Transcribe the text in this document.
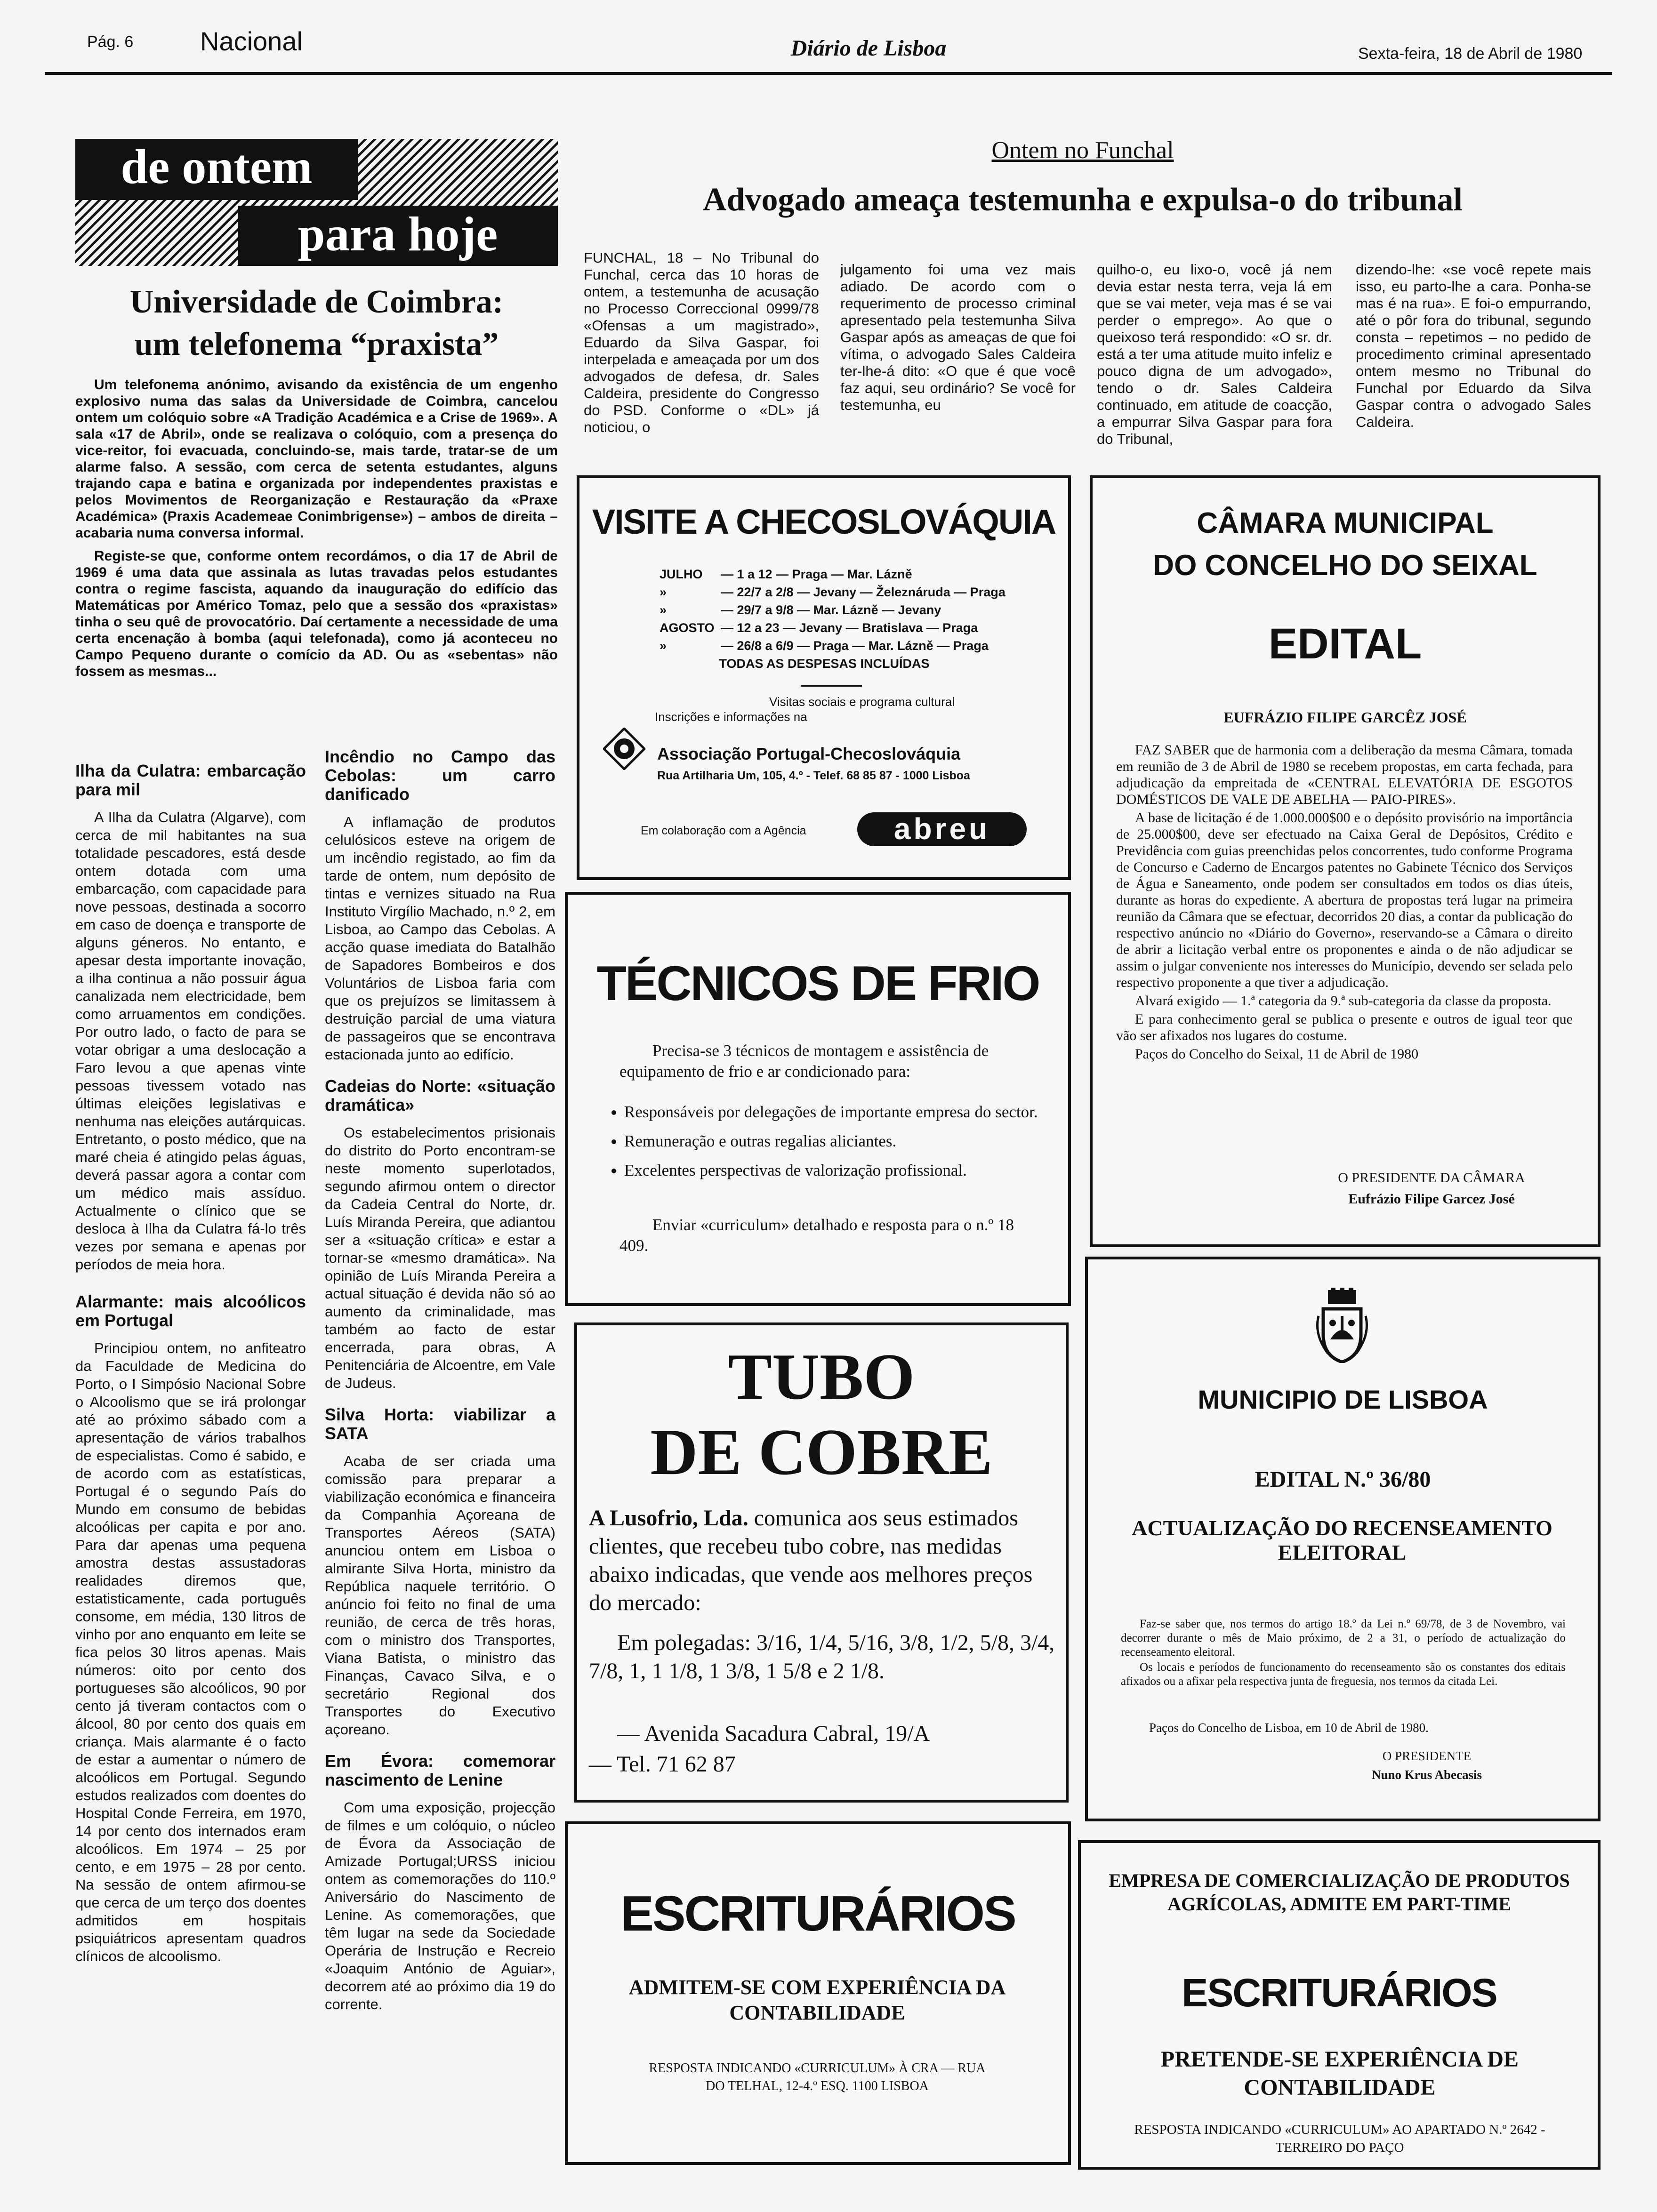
Pág. 6	Nacional	Diário de Lisboa	Sexta-feira, 18 de Abril de 1980
de ontem
para hoje
Universidade de Coimbra:
um telefonema “praxista”

Um telefonema anónimo, avisando da existência de um engenho explosivo numa das salas da Universidade de Coimbra, cancelou ontem um colóquio sobre «A Tradição Académica e a Crise de 1969». A sala «17 de Abril», onde se realizava o colóquio, com a presença do vice-reitor, foi evacuada, concluindo-se, mais tarde, tratar-se de um alarme falso. A sessão, com cerca de setenta estudantes, alguns trajando capa e batina e organizada por independentes praxistas e pelos Movimentos de Reorganização e Restauração da «Praxe Académica» (Praxis Academeae Conimbrigense») – ambos de direita – acabaria numa conversa informal.

Registe-se que, conforme ontem recordámos, o dia 17 de Abril de 1969 é uma data que assinala as lutas travadas pelos estudantes contra o regime fascista, aquando da inauguração do edifício das Matemáticas por Américo Tomaz, pelo que a sessão dos «praxistas» tinha o seu quê de provocatório. Daí certamente a necessidade de uma certa encenação à bomba (aqui telefonada), como já aconteceu no Campo Pequeno durante o comício da AD. Ou as «sebentas» não fossem as mesmas...

Ilha da Culatra: embarcação para mil

A Ilha da Culatra (Algarve), com cerca de mil habitantes na sua totalidade pescadores, está desde ontem dotada com uma embarcação, com capacidade para nove pessoas, destinada a socorro em caso de doença e transporte de alguns géneros. No entanto, e apesar desta importante inovação, a ilha continua a não possuir água canalizada nem electricidade, bem como arruamentos em condições. Por outro lado, o facto de para se votar obrigar a uma deslocação a Faro levou a que apenas vinte pessoas tivessem votado nas últimas eleições legislativas e nenhuma nas eleições autárquicas. Entretanto, o posto médico, que na maré cheia é atingido pelas águas, deverá passar agora a contar com um médico mais assíduo. Actualmente o clínico que se desloca à Ilha da Culatra fá-lo três vezes por semana e apenas por períodos de meia hora.

Alarmante: mais alcoólicos em Portugal

Principiou ontem, no anfiteatro da Faculdade de Medicina do Porto, o I Simpósio Nacional Sobre o Alcoolismo que se irá prolongar até ao próximo sábado com a apresentação de vários trabalhos de especialistas. Como é sabido, e de acordo com as estatísticas, Portugal é o segundo País do Mundo em consumo de bebidas alcoólicas per capita e por ano. Para dar apenas uma pequena amostra destas assustadoras realidades diremos que, estatisticamente, cada português consome, em média, 130 litros de vinho por ano enquanto em leite se fica pelos 30 litros apenas. Mais números: oito por cento dos portugueses são alcoólicos, 90 por cento já tiveram contactos com o álcool, 80 por cento dos quais em criança. Mais alarmante é o facto de estar a aumentar o número de alcoólicos em Portugal. Segundo estudos realizados com doentes do Hospital Conde Ferreira, em 1970, 14 por cento dos internados eram alcoólicos. Em 1974 – 25 por cento, e em 1975 – 28 por cento. Na sessão de ontem afirmou-se que cerca de um terço dos doentes admitidos em hospitais psiquiátricos apresentam quadros clínicos de alcoolismo.

Incêndio no Campo das Cebolas: um carro danificado

A inflamação de produtos celulósicos esteve na origem de um incêndio registado, ao fim da tarde de ontem, num depósito de tintas e vernizes situado na Rua Instituto Virgílio Machado, n.º 2, em Lisboa, ao Campo das Cebolas. A acção quase imediata do Batalhão de Sapadores Bombeiros e dos Voluntários de Lisboa faria com que os prejuízos se limitassem à destruição parcial de uma viatura de passageiros que se encontrava estacionada junto ao edifício.

Cadeias do Norte: «situação dramática»

Os estabelecimentos prisionais do distrito do Porto encontram-se neste momento superlotados, segundo afirmou ontem o director da Cadeia Central do Norte, dr. Luís Miranda Pereira, que adiantou ser a «situação crítica» e estar a tornar-se «mesmo dramática». Na opinião de Luís Miranda Pereira a actual situação é devida não só ao aumento da criminalidade, mas também ao facto de estar encerrada, para obras, A Penitenciária de Alcoentre, em Vale de Judeus.

Silva Horta: viabilizar a SATA

Acaba de ser criada uma comissão para preparar a viabilização económica e financeira da Companhia Açoreana de Transportes Aéreos (SATA) anunciou ontem em Lisboa o almirante Silva Horta, ministro da República naquele território. O anúncio foi feito no final de uma reunião, de cerca de três horas, com o ministro dos Transportes, Viana Batista, o ministro das Finanças, Cavaco Silva, e o secretário Regional dos Transportes do Executivo açoreano.

Em Évora: comemorar nascimento de Lenine

Com uma exposição, projecção de filmes e um colóquio, o núcleo de Évora da Associação de Amizade Portugal;URSS iniciou ontem as comemorações do 110.º Aniversário do Nascimento de Lenine. As comemorações, que têm lugar na sede da Sociedade Operária de Instrução e Recreio «Joaquim António de Aguiar», decorrem até ao próximo dia 19 do corrente.

Ontem no Funchal
Advogado ameaça testemunha e expulsa-o do tribunal
FUNCHAL, 18 – No Tribunal do Funchal, cerca das 10 horas de ontem, a testemunha de acusação no Processo Correccional 0999/78 «Ofensas a um magistrado», Eduardo da Silva Gaspar, foi interpelada e ameaçada por um dos advogados de defesa, dr. Sales Caldeira, presidente do Congresso do PSD. Conforme o «DL» já noticiou, o
julgamento foi uma vez mais adiado. De acordo com o requerimento de processo criminal apresentado pela testemunha Silva Gaspar após as ameaças de que foi vítima, o advogado Sales Caldeira ter-lhe-á dito: «O que é que você faz aqui, seu ordinário? Se você for testemunha, eu
quilho-o, eu lixo-o, você já nem devia estar nesta terra, veja lá em que se vai meter, veja mas é se vai perder o emprego». Ao que o queixoso terá respondido: «O sr. dr. está a ter uma atitude muito infeliz e pouco digna de um advogado», tendo o dr. Sales Caldeira continuado, em atitude de coacção, a empurrar Silva Gaspar para fora do Tribunal,
dizendo-lhe: «se você repete mais isso, eu parto-lhe a cara. Ponha-se mas é na rua». E foi-o empurrando, até o pôr fora do tribunal, segundo consta – repetimos – no pedido de procedimento criminal apresentado ontem mesmo no Tribunal do Funchal por Eduardo da Silva Gaspar contra o advogado Sales Caldeira.
VISITE A CHECOSLOVÁQUIA
JULHO — 1 a 12 — Praga — Mar. Lázně
»	— 22/7 a 2/8 — Jevany — Železnáruda — Praga
»	— 29/7 a 9/8 — Mar. Lázně — Jevany
AGOSTO — 12 a 23 — Jevany — Bratislava — Praga
»	— 26/8 a 6/9 — Praga — Mar. Lázně — Praga
TODAS AS DESPESAS INCLUÍDAS
Visitas sociais e programa cultural
Inscrições e informações na
Associação Portugal-Checoslováquia
Rua Artilharia Um, 105, 4.º - Telef. 68 85 87 - 1000 Lisboa
Em colaboração com a Agência	abreu
TÉCNICOS DE FRIO
Precisa-se 3 técnicos de montagem e assistência de equipamento de frio e ar condicionado para:
• Responsáveis por delegações de importante empresa do sector.
• Remuneração e outras regalias aliciantes.
• Excelentes perspectivas de valorização profissional.
Enviar «curriculum» detalhado e resposta para o n.º 18 409.
TUBO
DE COBRE
A Lusofrio, Lda. comunica aos seus estimados clientes, que recebeu tubo cobre, nas medidas abaixo indicadas, que vende aos melhores preços do mercado:
Em polegadas: 3/16, 1/4, 5/16, 3/8, 1/2, 5/8, 3/4, 7/8, 1, 1 1/8, 1 3/8, 1 5/8 e 2 1/8.
— Avenida Sacadura Cabral, 19/A
— Tel. 71 62 87
ESCRITURÁRIOS
ADMITEM-SE COM EXPERIÊNCIA DA CONTABILIDADE
RESPOSTA INDICANDO «CURRICULUM» À CRA — RUA DO TELHAL, 12-4.º ESQ. 1100 LISBOA
CÂMARA MUNICIPAL
DO CONCELHO DO SEIXAL
EDITAL
EUFRÁZIO FILIPE GARCÊZ JOSÉ

FAZ SABER que de harmonia com a deliberação da mesma Câmara, tomada em reunião de 3 de Abril de 1980 se recebem propostas, em carta fechada, para adjudicação da empreitada de «CENTRAL ELEVATÓRIA DE ESGOTOS DOMÉSTICOS DE VALE DE ABELHA — PAIO-PIRES».

A base de licitação é de 1.000.000$00 e o depósito provisório na importância de 25.000$00, deve ser efectuado na Caixa Geral de Depósitos, Crédito e Previdência com guias preenchidas pelos concorrentes, tudo conforme Programa de Concurso e Caderno de Encargos patentes no Gabinete Técnico dos Serviços de Água e Saneamento, onde podem ser consultados em todos os dias úteis, durante as horas do expediente. A abertura de propostas terá lugar na primeira reunião da Câmara que se efectuar, decorridos 20 dias, a contar da publicação do respectivo anúncio no «Diário do Governo», reservando-se a Câmara o direito de abrir a licitação verbal entre os proponentes e ainda o de não adjudicar se assim o julgar conveniente nos interesses do Município, devendo ser selada pelo respectivo proponente a que tiver a adjudicação.

Alvará exigido — 1.ª categoria da 9.ª sub-categoria da classe da proposta.

E para conhecimento geral se publica o presente e outros de igual teor que vão ser afixados nos lugares do costume.

Paços do Concelho do Seixal, 11 de Abril de 1980

O PRESIDENTE DA CÂMARA
Eufrázio Filipe Garcez José
MUNICIPIO DE LISBOA
EDITAL N.º 36/80
ACTUALIZAÇÃO DO RECENSEAMENTO ELEITORAL

Faz-se saber que, nos termos do artigo 18.º da Lei n.º 69/78, de 3 de Novembro, vai decorrer durante o mês de Maio próximo, de 2 a 31, o período de actualização do recenseamento eleitoral.

Os locais e períodos de funcionamento do recenseamento são os constantes dos editais afixados ou a afixar pela respectiva junta de freguesia, nos termos da citada Lei.

Paços do Concelho de Lisboa, em 10 de Abril de 1980.
O PRESIDENTE
Nuno Krus Abecasis
EMPRESA DE COMERCIALIZAÇÃO DE PRODUTOS AGRÍCOLAS, ADMITE EM PART-TIME
ESCRITURÁRIOS
PRETENDE-SE EXPERIÊNCIA DE CONTABILIDADE
RESPOSTA INDICANDO «CURRICULUM» AO APARTADO N.º 2642 - TERREIRO DO PAÇO
